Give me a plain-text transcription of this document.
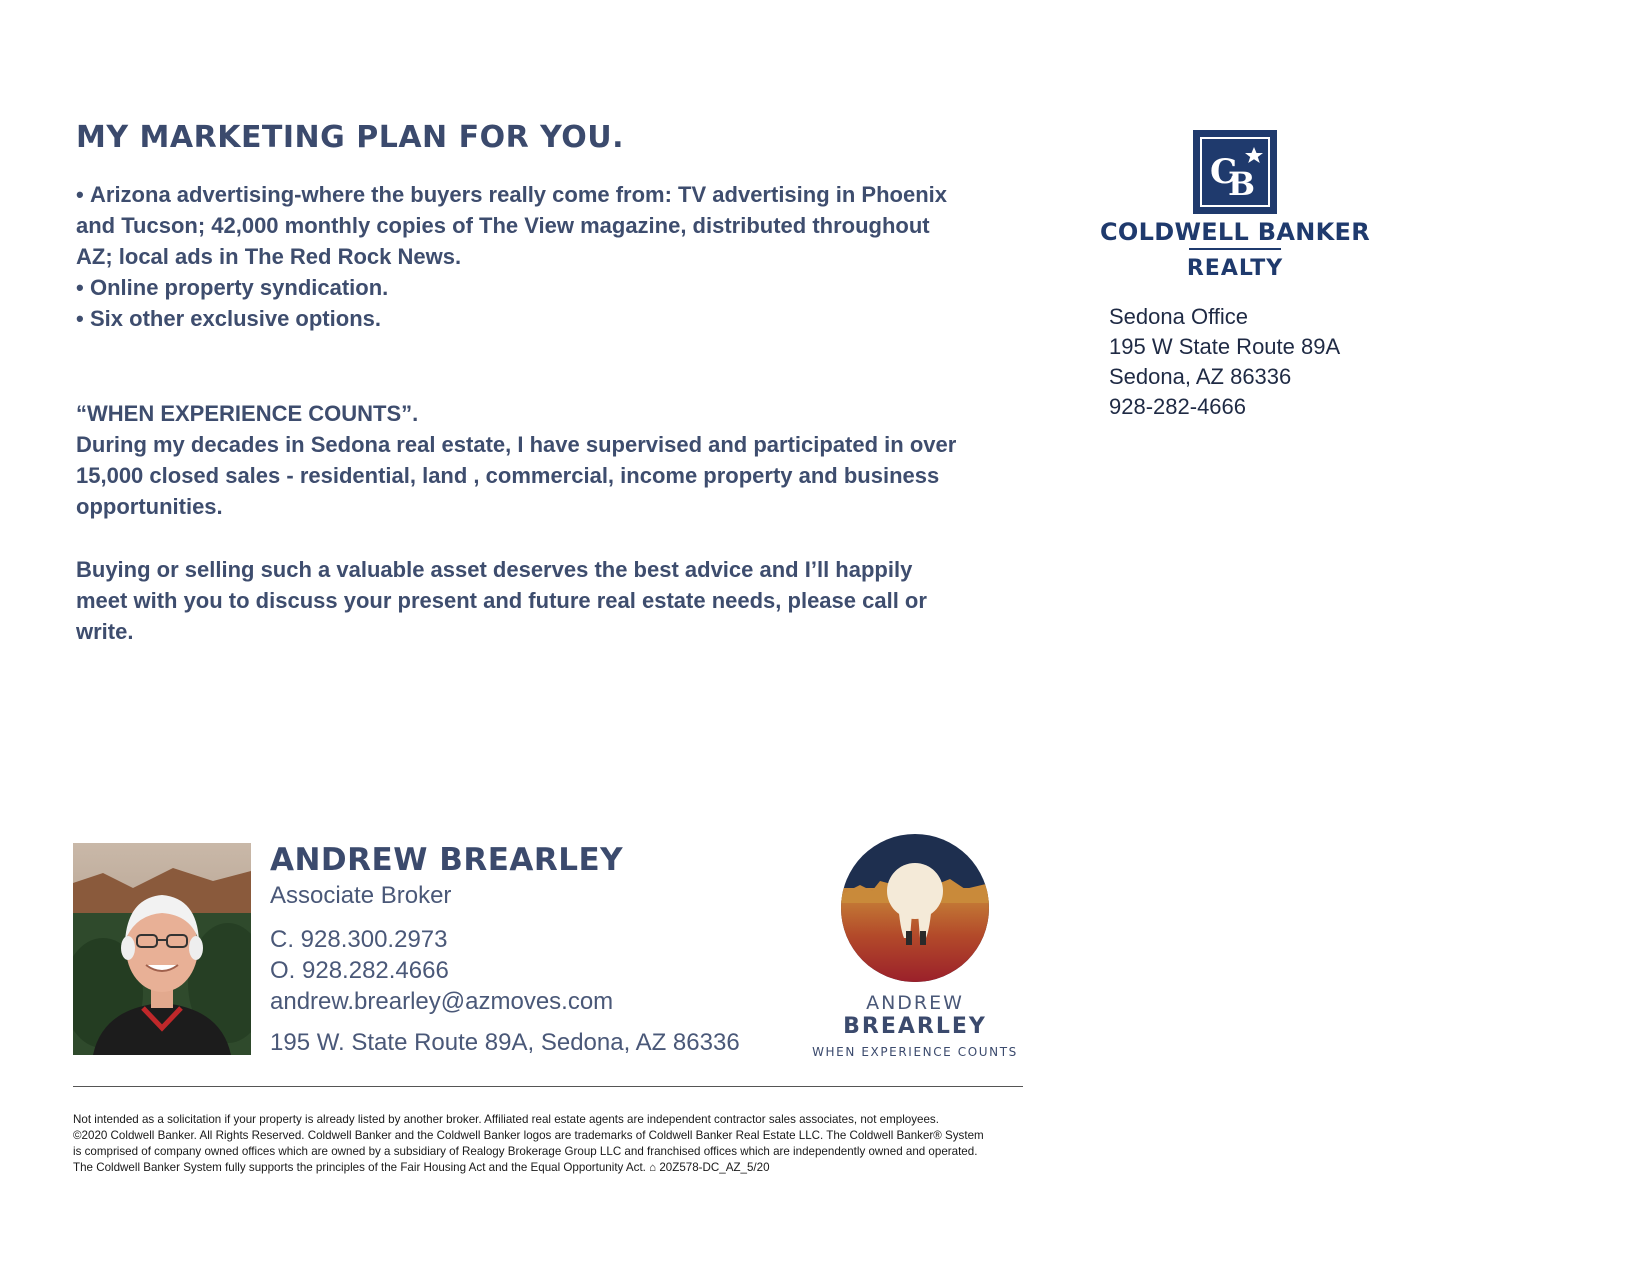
MY MARKETING PLAN FOR YOU.
• Arizona advertising-where the buyers really come from: TV advertising in Phoenix
and Tucson; 42,000 monthly copies of The View magazine, distributed throughout
AZ; local ads in The Red Rock News.
• Online property syndication.
• Six other exclusive options.
“WHEN EXPERIENCE COUNTS”.

During my decades in Sedona real estate, I have supervised and participated in over
15,000 closed sales - residential, land , commercial, income property and business
opportunities.

Buying or selling such a valuable asset deserves the best advice and I’ll happily
meet with you to discuss your present and future real estate needs, please call or
write.

C
B
COLDWELL BANKER
REALTY
Sedona Office
195 W State Route 89A
Sedona, AZ 86336
928-282-4666
ANDREW BREARLEY
Associate Broker
C. 928.300.2973
O. 928.282.4666
andrew.brearley@azmoves.com
195 W. State Route 89A, Sedona, AZ 86336
ANDREW
BREARLEY
WHEN EXPERIENCE COUNTS
Not intended as a solicitation if your property is already listed by another broker. Affiliated real estate agents are independent contractor sales associates, not employees.
©2020 Coldwell Banker. All Rights Reserved. Coldwell Banker and the Coldwell Banker logos are trademarks of Coldwell Banker Real Estate LLC. The Coldwell Banker® System
is comprised of company owned offices which are owned by a subsidiary of Realogy Brokerage Group LLC and franchised offices which are independently owned and operated.
The Coldwell Banker System fully supports the principles of the Fair Housing Act and the Equal Opportunity Act. ⌂ 20Z578-DC_AZ_5/20
